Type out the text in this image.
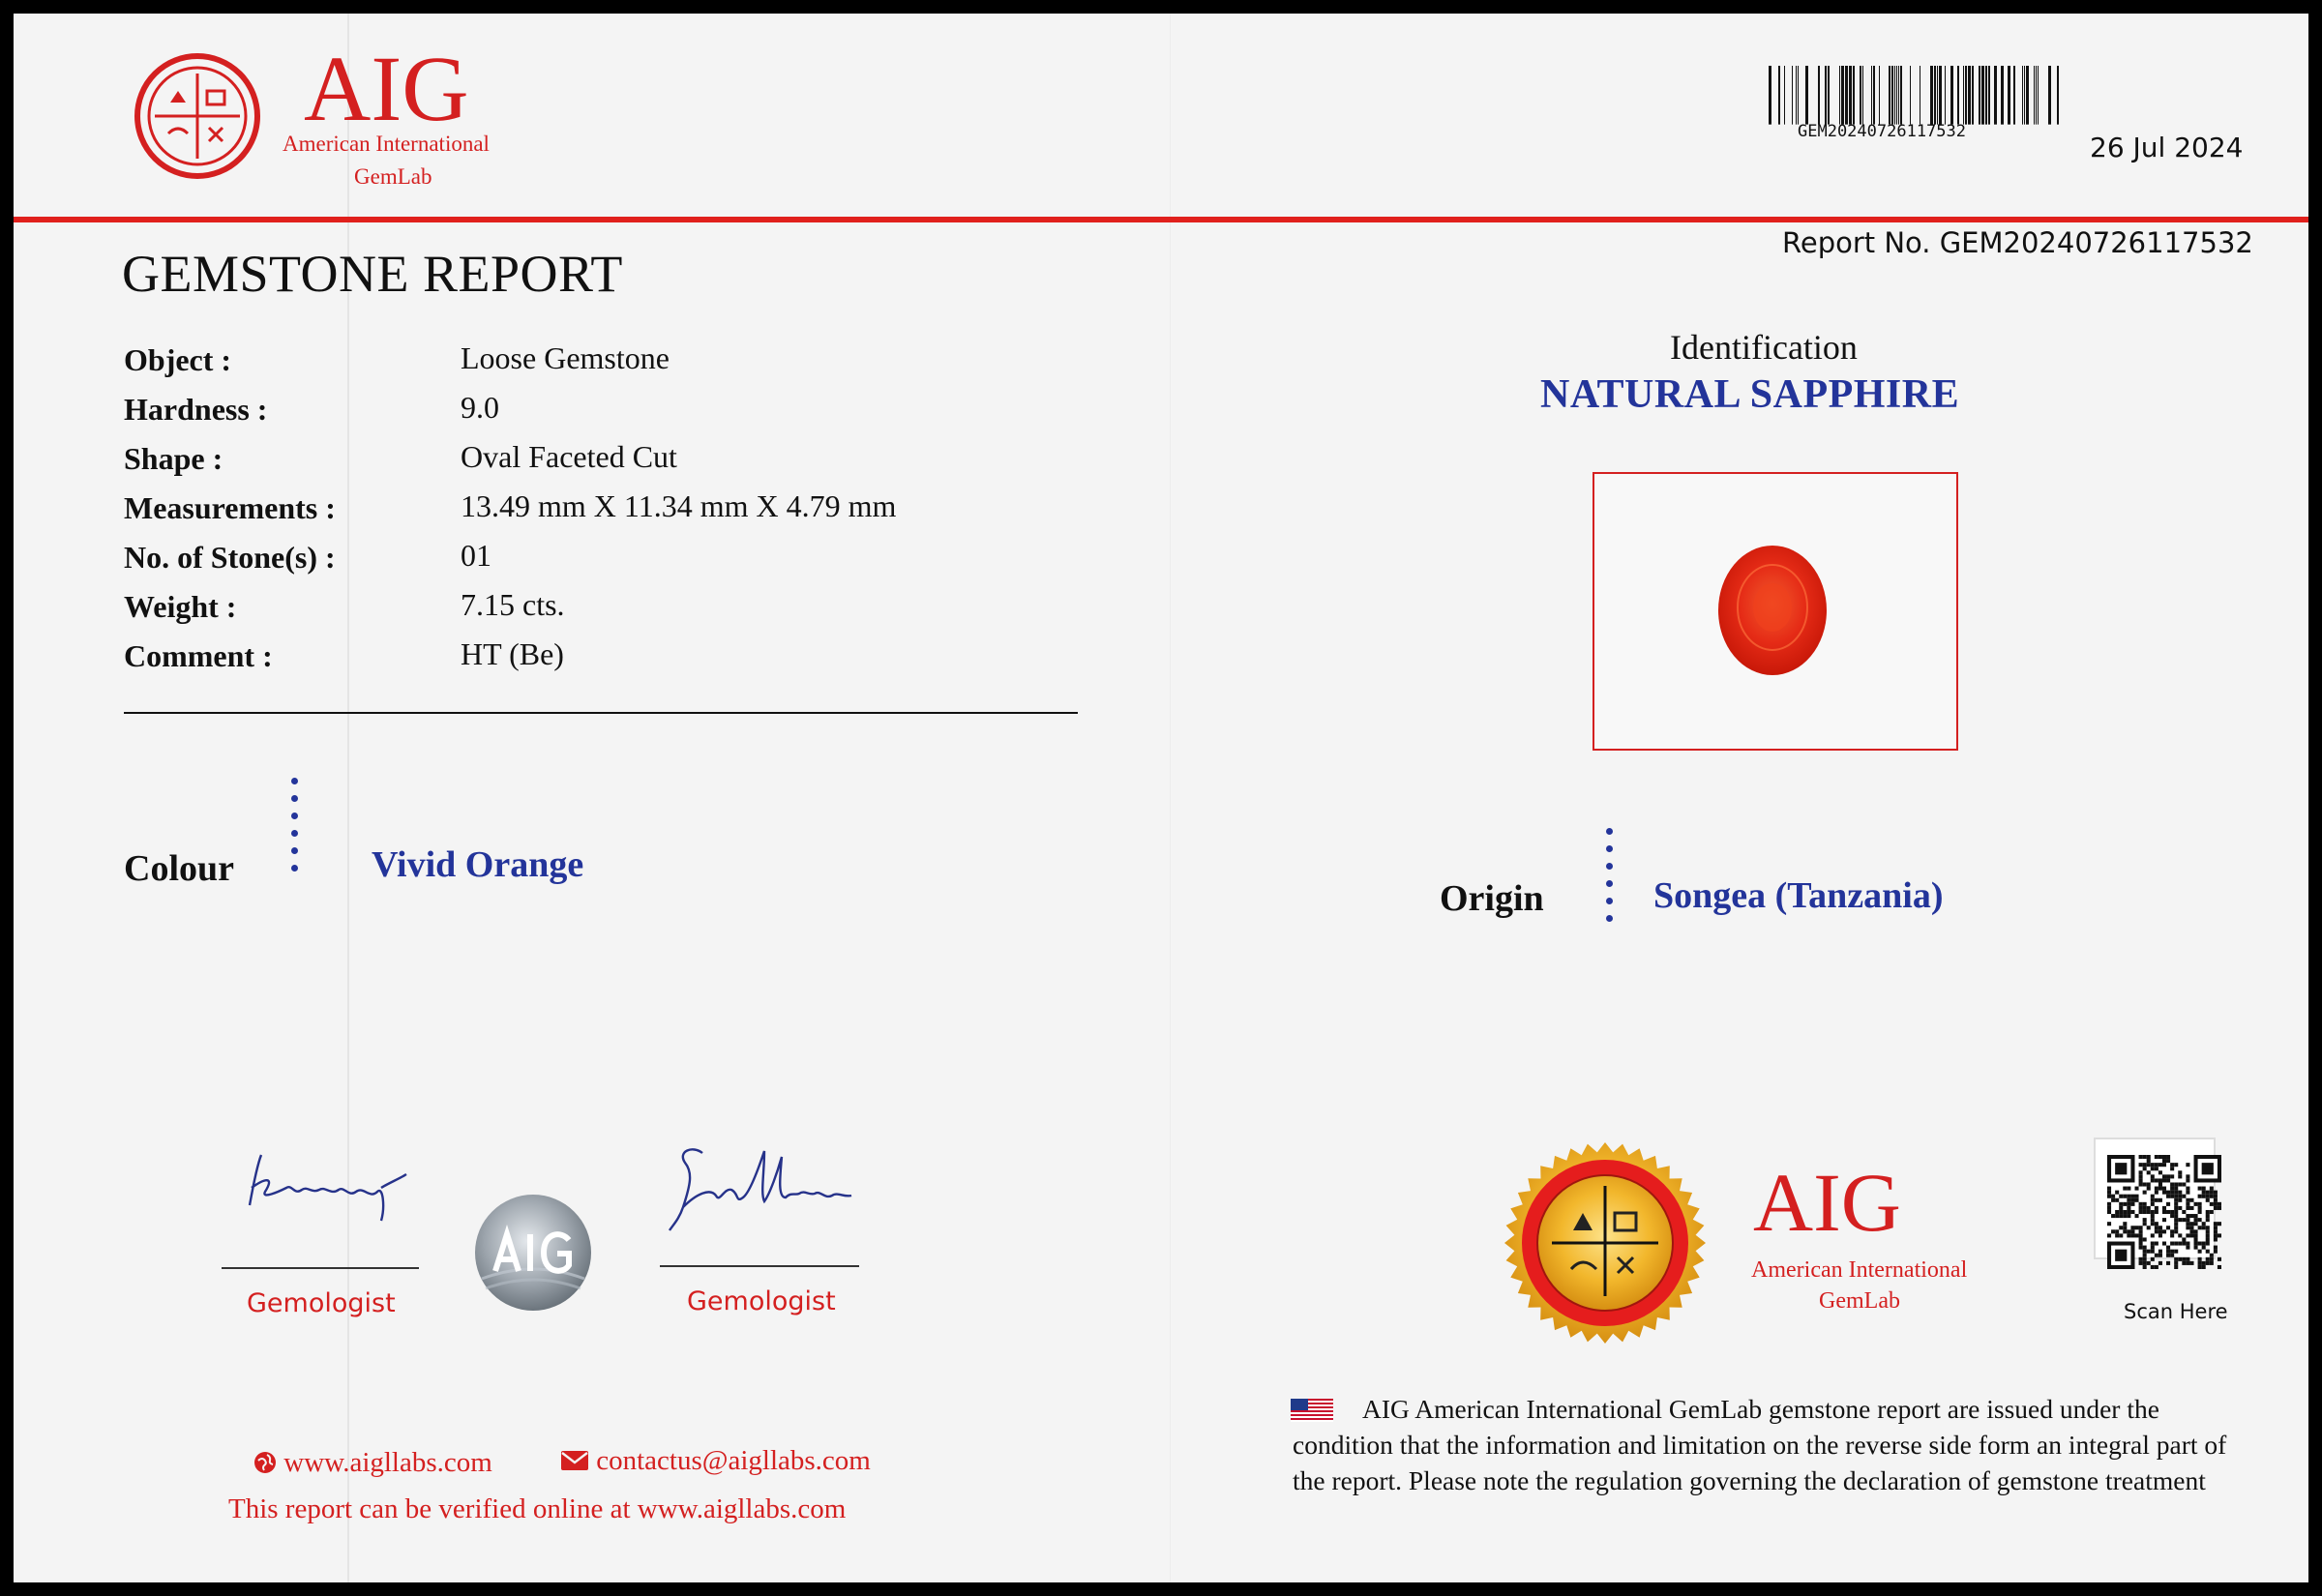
AIG
American International
GemLab
GEM20240726117532	26 Jul 2024
Report No. GEM20240726117532
GEMSTONE REPORT
Object :	Loose Gemstone
Hardness :	9.0
Shape :	Oval Faceted Cut
Measurements :	13.49 mm X 11.34 mm X 4.79 mm
No. of Stone(s) :	01
Weight :	7.15 cts.
Comment :	HT (Be)
Colour	Vivid Orange
Identification
NATURAL SAPPHIRE
Origin	Songea (Tanzania)
Gemologist	Gemologist
www.aigllabs.com	contactus@aigllabs.com
This report can be verified online at www.aigllabs.com
AIG
American International
GemLab	Scan Here
AIG American International GemLab gemstone report are issued under the condition that the information and limitation on the reverse side form an integral part of the report. Please note the regulation governing the declaration of gemstone treatment
